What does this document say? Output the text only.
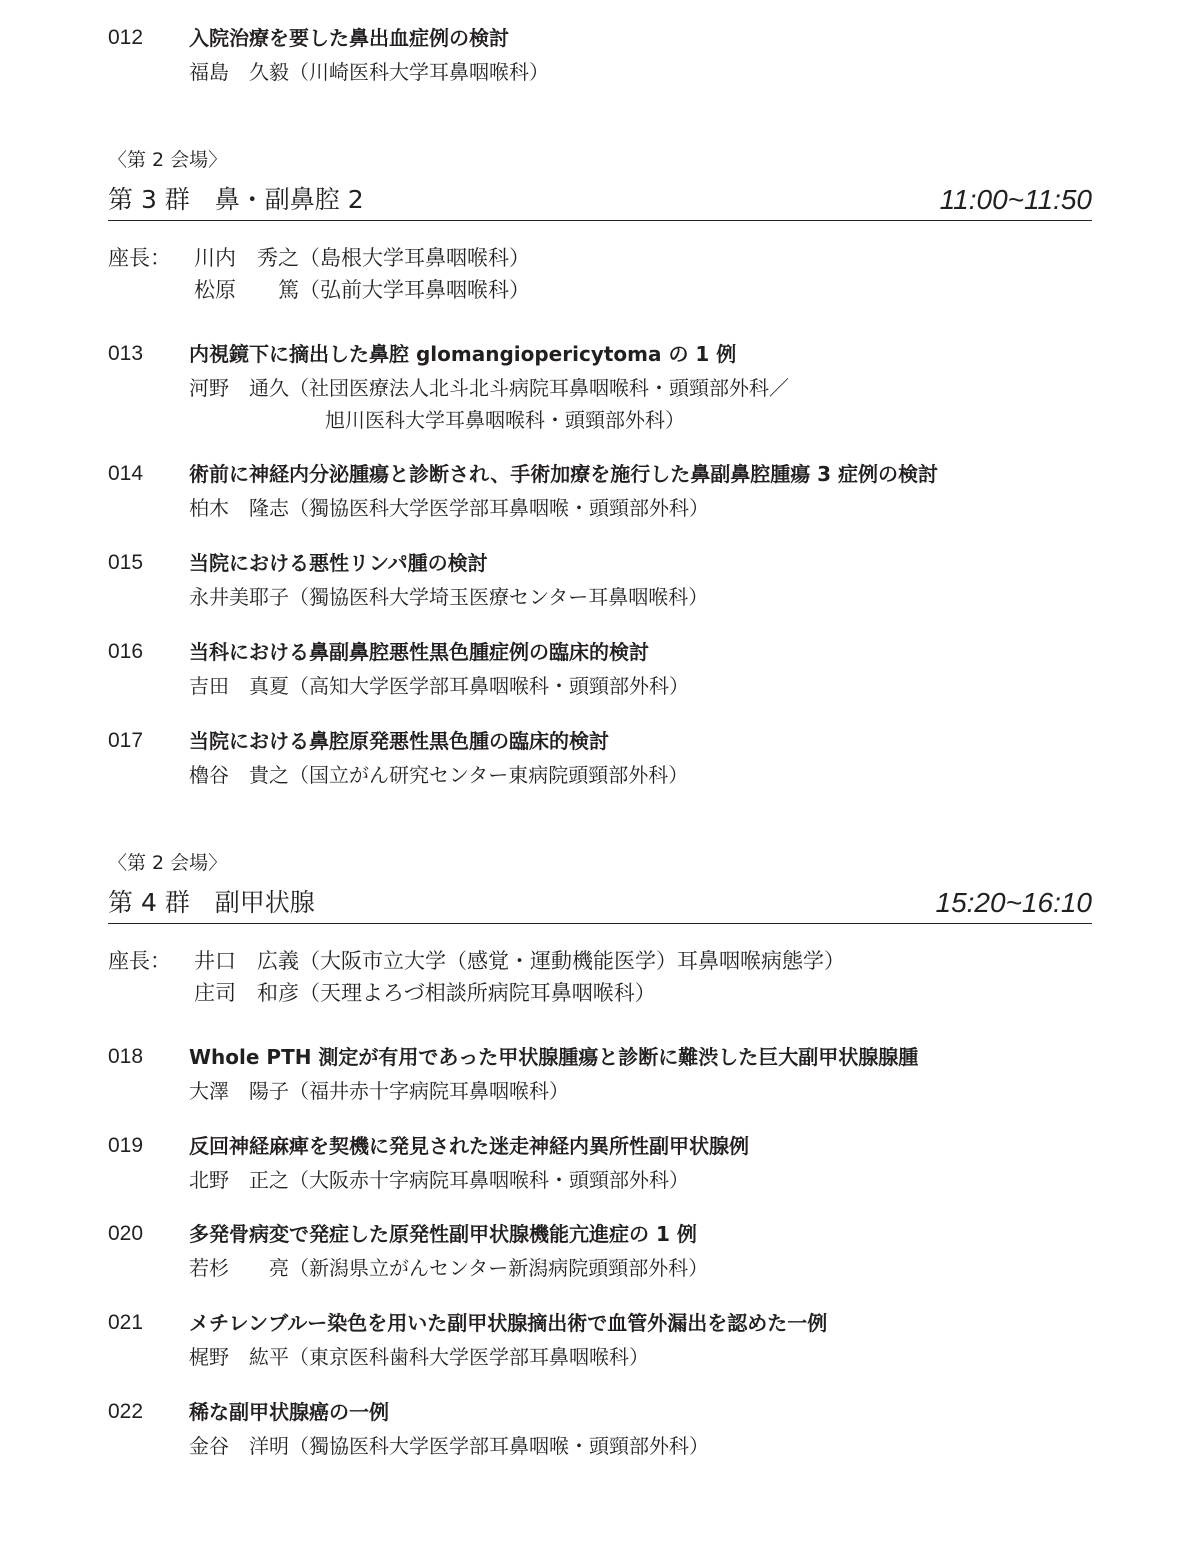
012 入院治療を要した鼻出血症例の検討
福島　久毅（川崎医科大学耳鼻咽喉科）
〈第 2 会場〉
第 3 群　鼻・副鼻腔 2	11:00~11:50
座長： 川内　秀之（島根大学耳鼻咽喉科）
松原　　篤（弘前大学耳鼻咽喉科）
013 内視鏡下に摘出した鼻腔 glomangiopericytoma の 1 例
河野　通久（社団医療法人北斗北斗病院耳鼻咽喉科・頭頸部外科／
旭川医科大学耳鼻咽喉科・頭頸部外科）
014 術前に神経内分泌腫瘍と診断され、手術加療を施行した鼻副鼻腔腫瘍 3 症例の検討
柏木　隆志（獨協医科大学医学部耳鼻咽喉・頭頸部外科）
015 当院における悪性リンパ腫の検討
永井美耶子（獨協医科大学埼玉医療センター耳鼻咽喉科）
016 当科における鼻副鼻腔悪性黒色腫症例の臨床的検討
吉田　真夏（高知大学医学部耳鼻咽喉科・頭頸部外科）
017 当院における鼻腔原発悪性黒色腫の臨床的検討
櫓谷　貴之（国立がん研究センター東病院頭頸部外科）
〈第 2 会場〉
第 4 群　副甲状腺	15:20~16:10
座長： 井口　広義（大阪市立大学（感覚・運動機能医学）耳鼻咽喉病態学）
庄司　和彦（天理よろづ相談所病院耳鼻咽喉科）
018 Whole PTH 測定が有用であった甲状腺腫瘍と診断に難渋した巨大副甲状腺腺腫
大澤　陽子（福井赤十字病院耳鼻咽喉科）
019 反回神経麻痺を契機に発見された迷走神経内異所性副甲状腺例
北野　正之（大阪赤十字病院耳鼻咽喉科・頭頸部外科）
020 多発骨病変で発症した原発性副甲状腺機能亢進症の 1 例
若杉　　亮（新潟県立がんセンター新潟病院頭頸部外科）
021 メチレンブルー染色を用いた副甲状腺摘出術で血管外漏出を認めた一例
梶野　紘平（東京医科歯科大学医学部耳鼻咽喉科）
022 稀な副甲状腺癌の一例
金谷　洋明（獨協医科大学医学部耳鼻咽喉・頭頸部外科）
